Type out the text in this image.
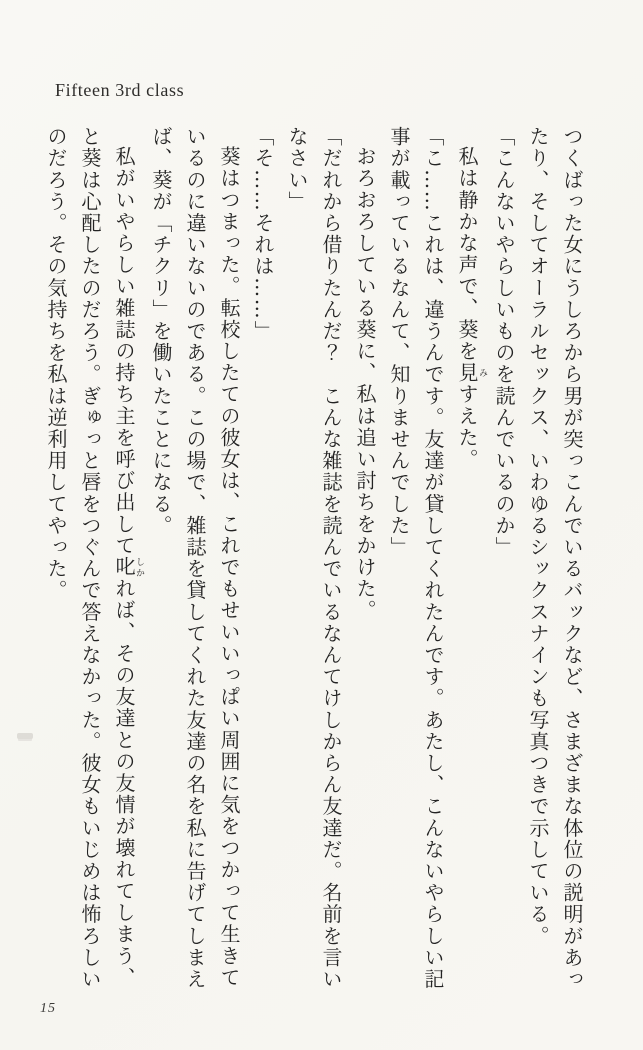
Fifteen 3rd class

つくばった女にうしろから男が突っこんでいるバックなど、さまざまな体位の説明があったり、そしてオーラルセックス、いわゆるシックスナインも写真つきで示している。

「こんないやらしいものを読んでいるのか」

私は静かな声で、葵を見みすえた。

「こ……これは、違うんです。友達が貸してくれたんです。あたし、こんないやらしい記事が載っているなんて、知りませんでした」

おろおろしている葵に、私は追い討ちをかけた。

「だれから借りたんだ？　こんな雑誌を読んでいるなんてけしからん友達だ。名前を言いなさい」

「そ……それは……」

葵はつまった。転校したての彼女は、これでもせいいっぱい周囲に気をつかって生きているのに違いないのである。この場で、雑誌を貸してくれた友達の名を私に告げてしまえば、葵が「チクリ」を働いたことになる。

私がいやらしい雑誌の持ち主を呼び出して叱しかれば、その友達との友情が壊れてしまう、と葵は心配したのだろう。ぎゅっと唇をつぐんで答えなかった。彼女もいじめは怖ろしいのだろう。その気持ちを私は逆利用してやった。

15
